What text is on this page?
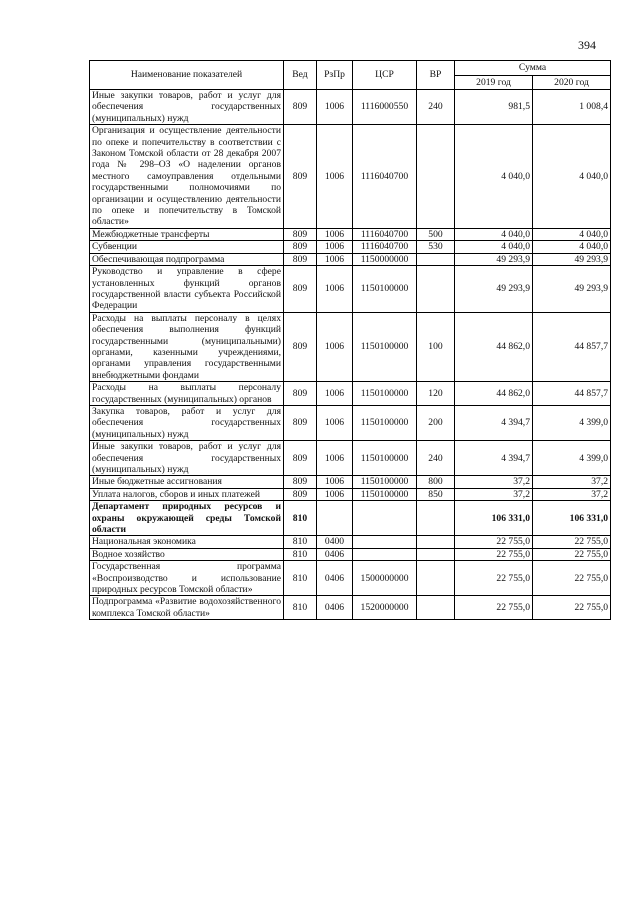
394
Наименование показателей	Вед	РзПр	ЦСР	ВР	Сумма	
					2019 год	2020 год
Иные закупки товаров, работ и услуг для обеспечения государственных (муниципальных) нужд	809	1006	1116000550	240	981,5	1 008,4
Организация и осуществление деятельности по опеке и попечительству в соответствии с Законом Томской области от 28 декабря 2007 года № 298–ОЗ «О наделении органов местного самоуправления отдельными государственными полномочиями по организации и осуществлению деятельности по опеке и попечительству в Томской области»	809	1006	1116040700		4 040,0	4 040,0
Межбюджетные трансферты	809	1006	1116040700	500	4 040,0	4 040,0
Субвенции	809	1006	1116040700	530	4 040,0	4 040,0
Обеспечивающая подпрограмма	809	1006	1150000000		49 293,9	49 293,9
Руководство и управление в сфере установленных функций органов государственной власти субъекта Российской Федерации	809	1006	1150100000		49 293,9	49 293,9
Расходы на выплаты персоналу в целях обеспечения выполнения функций государственными (муниципальными) органами, казенными учреждениями, органами управления государственными внебюджетными фондами	809	1006	1150100000	100	44 862,0	44 857,7
Расходы на выплаты персоналу государственных (муниципальных) органов	809	1006	1150100000	120	44 862,0	44 857,7
Закупка товаров, работ и услуг для обеспечения государственных (муниципальных) нужд	809	1006	1150100000	200	4 394,7	4 399,0
Иные закупки товаров, работ и услуг для обеспечения государственных (муниципальных) нужд	809	1006	1150100000	240	4 394,7	4 399,0
Иные бюджетные ассигнования	809	1006	1150100000	800	37,2	37,2
Уплата налогов, сборов и иных платежей	809	1006	1150100000	850	37,2	37,2
Департамент природных ресурсов и охраны окружающей среды Томской области	810				106 331,0	106 331,0
Национальная экономика	810	0400			22 755,0	22 755,0
Водное хозяйство	810	0406			22 755,0	22 755,0
Государственная программа «Воспроизводство и использование природных ресурсов Томской области»	810	0406	1500000000		22 755,0	22 755,0
Подпрограмма «Развитие водохозяйственного комплекса Томской области»	810	0406	1520000000		22 755,0	22 755,0
